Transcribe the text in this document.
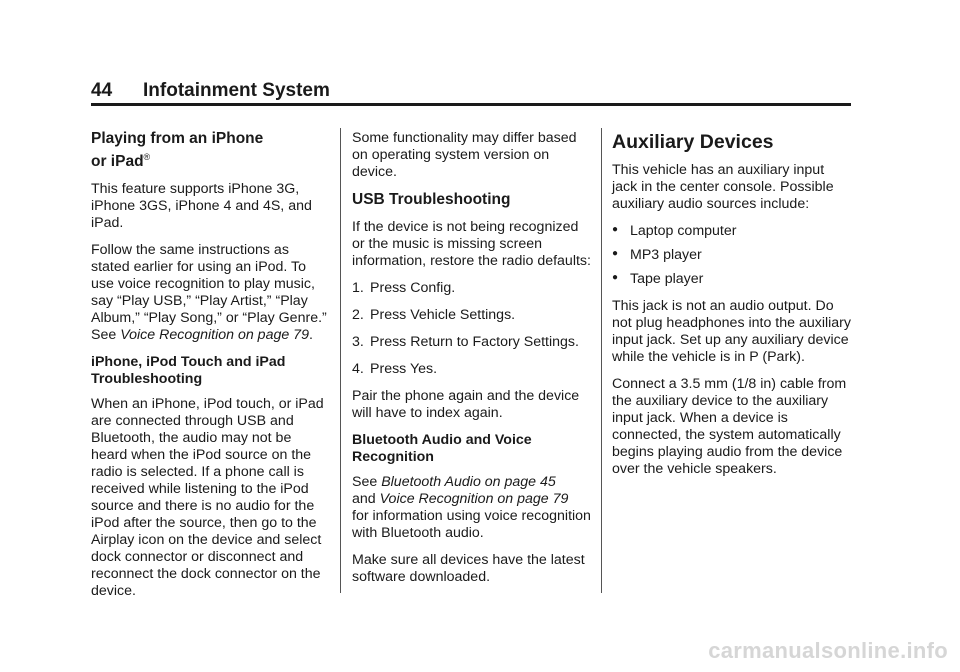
44 Infotainment System
Playing from an iPhone
or iPad®

This feature supports iPhone 3G, iPhone 3GS, iPhone 4 and 4S, and iPad.

Follow the same instructions as stated earlier for using an iPod. To use voice recognition to play music, say “Play USB,” “Play Artist,” “Play Album,” “Play Song,” or “Play Genre.” See Voice Recognition on page 79.

iPhone, iPod Touch and iPad
Troubleshooting

When an iPhone, iPod touch, or iPad are connected through USB and Bluetooth, the audio may not be heard when the iPod source on the radio is selected. If a phone call is received while listening to the iPod source and there is no audio for the iPod after the source, then go to the Airplay icon on the device and select dock connector or disconnect and reconnect the dock connector on the device.

Some functionality may differ based on operating system version on device.

USB Troubleshooting

If the device is not being recognized or the music is missing screen information, restore the radio defaults:

1. Press Config.
2. Press Vehicle Settings.
3. Press Return to Factory Settings.
4. Press Yes.

Pair the phone again and the device will have to index again.

Bluetooth Audio and Voice
Recognition

See Bluetooth Audio on page 45
and Voice Recognition on page 79
for information using voice recognition with Bluetooth audio.

Make sure all devices have the latest software downloaded.

Auxiliary Devices

This vehicle has an auxiliary input jack in the center console. Possible auxiliary audio sources include:

● Laptop computer
● MP3 player
● Tape player

This jack is not an audio output. Do not plug headphones into the auxiliary input jack. Set up any auxiliary device while the vehicle is in P (Park).

Connect a 3.5 mm (1/8 in) cable from the auxiliary device to the auxiliary input jack. When a device is connected, the system automatically begins playing audio from the device over the vehicle speakers.

carmanualsonline.info
